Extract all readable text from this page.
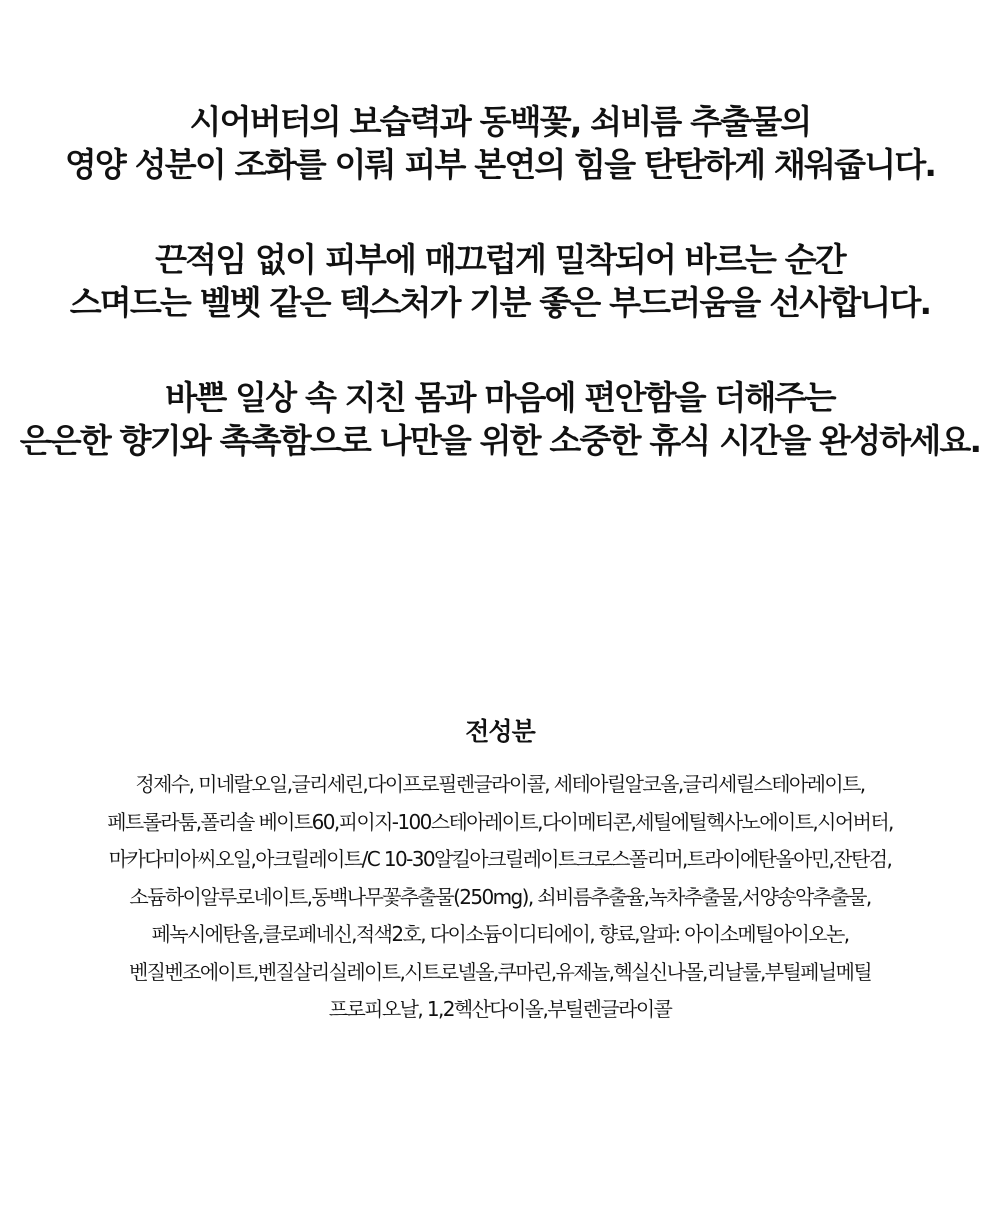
시어버터의 보습력과 동백꽃, 쇠비름 추출물의
영양 성분이 조화를 이뤄 피부 본연의 힘을 탄탄하게 채워줍니다.

끈적임 없이 피부에 매끄럽게 밀착되어 바르는 순간
스며드는 벨벳 같은 텍스처가 기분 좋은 부드러움을 선사합니다.

바쁜 일상 속 지친 몸과 마음에 편안함을 더해주는
은은한 향기와 촉촉함으로 나만을 위한 소중한 휴식 시간을 완성하세요.

전성분
정제수, 미네랄오일,글리세린,다이프로필렌글라이콜, 세테아릴알코올,글리세릴스테아레이트,
페트롤라툼,폴리솔 베이트60,피이지-100스테아레이트,다이메티콘,세틸에틸헥사노에이트,시어버터,
마카다미아씨오일,아크릴레이트/C 10-30알킬아크릴레이트크로스폴리머,트라이에탄올아민,잔탄검,
소듐하이알루로네이트,동백나무꽃추출물(250mg), 쇠비름추출율,녹차추출물,서양송악추출물,
페녹시에탄올,클로페네신,적색2호, 다이소듐이디티에이, 향료,알파: 아이소메틸아이오논,
벤질벤조에이트,벤질살리실레이트,시트로넬올,쿠마린,유제놀,헥실신나몰,리날룰,부틸페닐메틸
프로피오날, 1,2헥산다이올,부틸렌글라이콜
